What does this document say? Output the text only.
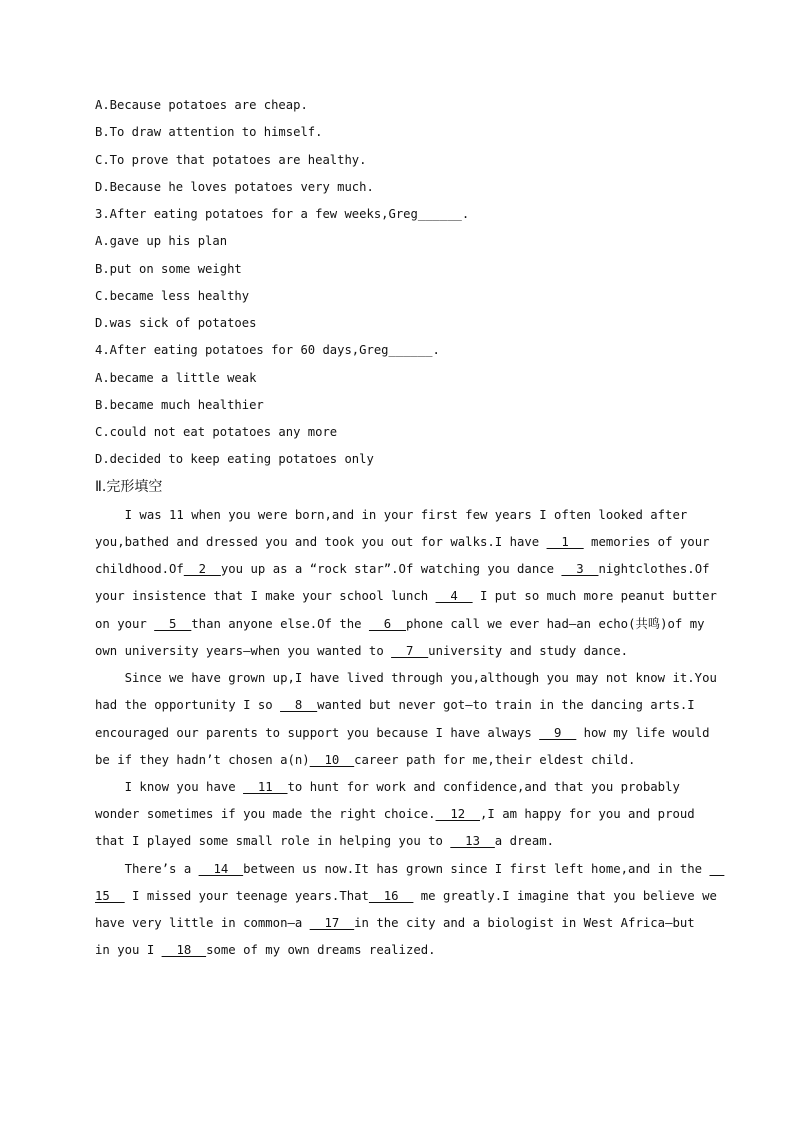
A.Because potatoes are cheap.
B.To draw attention to himself.
C.To prove that potatoes are healthy.
D.Because he loves potatoes very much.
3.After eating potatoes for a few weeks,Greg______.
A.gave up his plan
B.put on some weight
C.became less healthy
D.was sick of potatoes
4.After eating potatoes for 60 days,Greg______.
A.became a little weak
B.became much healthier
C.could not eat potatoes any more
D.decided to keep eating potatoes only
Ⅱ.完形填空
I was 11 when you were born,and in your first few years I often looked after
you,bathed and dressed you and took you out for walks.I have __1__ memories of your
childhood.Of__2__you up as a “rock star”.Of watching you dance __3__nightclothes.Of
your insistence that I make your school lunch __4__ I put so much more peanut butter
on your __5__than anyone else.Of the __6__phone call we ever had—an echo(共鸣)of my
own university years—when you wanted to __7__university and study dance.
Since we have grown up,I have lived through you,although you may not know it.You
had the opportunity I so __8__wanted but never got—to train in the dancing arts.I
encouraged our parents to support you because I have always __9__ how my life would
be if they hadn’t chosen a(n)__10__career path for me,their eldest child.
I know you have __11__to hunt for work and confidence,and that you probably
wonder sometimes if you made the right choice.__12__,I am happy for you and proud
that I played some small role in helping you to __13__a dream.
There’s a __14__between us now.It has grown since I first left home,and in the __
15__ I missed your teenage years.That__16__ me greatly.I imagine that you believe we
have very little in common—a __17__in the city and a biologist in West Africa—but
in you I __18__some of my own dreams realized.
